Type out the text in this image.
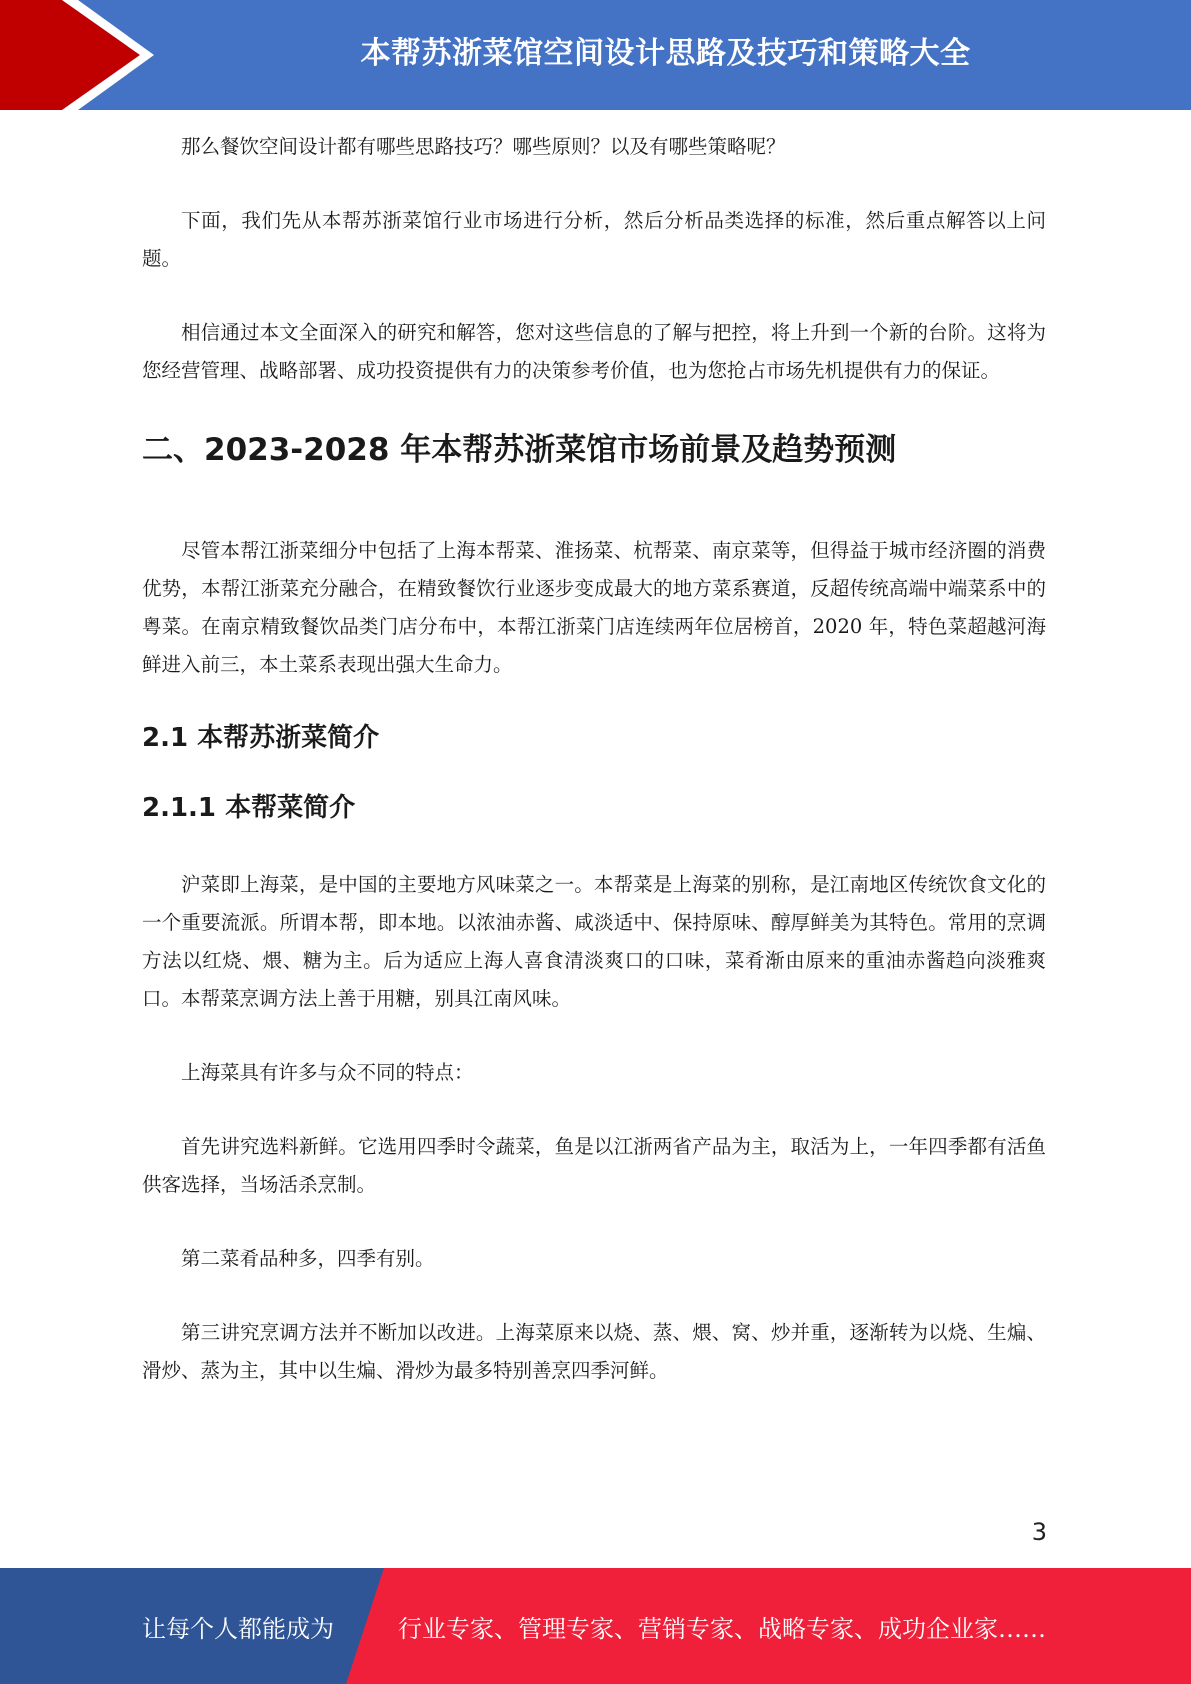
本帮苏浙菜馆空间设计思路及技巧和策略大全

那么餐饮空间设计都有哪些思路技巧？哪些原则？以及有哪些策略呢？

下面，我们先从本帮苏浙菜馆行业市场进行分析，然后分析品类选择的标准，然后重点解答以上问题。

相信通过本文全面深入的研究和解答，您对这些信息的了解与把控，将上升到一个新的台阶。这将为您经营管理、战略部署、成功投资提供有力的决策参考价值，也为您抢占市场先机提供有力的保证。

二、2023-2028 年本帮苏浙菜馆市场前景及趋势预测

尽管本帮江浙菜细分中包括了上海本帮菜、淮扬菜、杭帮菜、南京菜等，但得益于城市经济圈的消费优势，本帮江浙菜充分融合，在精致餐饮行业逐步变成最大的地方菜系赛道，反超传统高端中端菜系中的粤菜。在南京精致餐饮品类门店分布中，本帮江浙菜门店连续两年位居榜首，2020 年，特色菜超越河海鲜进入前三，本土菜系表现出强大生命力。

2.1 本帮苏浙菜简介
2.1.1 本帮菜简介

沪菜即上海菜，是中国的主要地方风味菜之一。本帮菜是上海菜的别称，是江南地区传统饮食文化的一个重要流派。所谓本帮，即本地。以浓油赤酱、咸淡适中、保持原味、醇厚鲜美为其特色。常用的烹调方法以红烧、煨、糖为主。后为适应上海人喜食清淡爽口的口味，菜肴渐由原来的重油赤酱趋向淡雅爽口。本帮菜烹调方法上善于用糖，别具江南风味。

上海菜具有许多与众不同的特点：

首先讲究选料新鲜。它选用四季时令蔬菜，鱼是以江浙两省产品为主，取活为上，一年四季都有活鱼供客选择，当场活杀烹制。

第二菜肴品种多，四季有别。

第三讲究烹调方法并不断加以改进。上海菜原来以烧、蒸、煨、窝、炒并重，逐渐转为以烧、生煸、滑炒、蒸为主，其中以生煸、滑炒为最多特别善烹四季河鲜。

3
让每个人都能成为	行业专家、管理专家、营销专家、战略专家、成功企业家……
